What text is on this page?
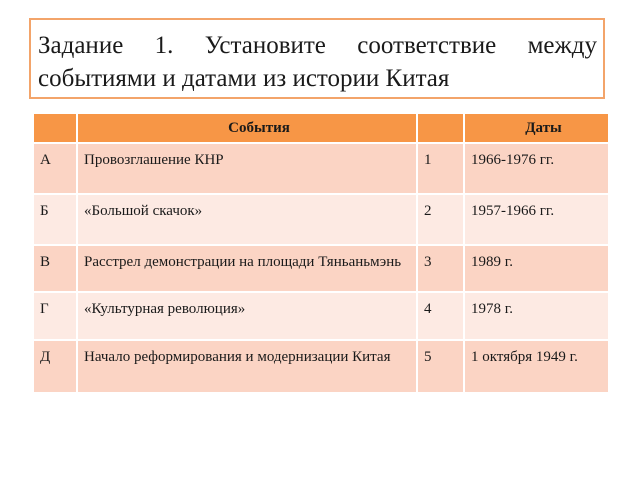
Задание 1. Установите соответствие между
событиями и датами из истории Китая
	События		Даты
А	Провозглашение КНР	1	1966-1976 гг.
Б	«Большой скачок»	2	1957-1966 гг.
В	Расстрел демонстрации на площади Тяньаньмэнь	3	1989 г.
Г	«Культурная революция»	4	1978 г.
Д	Начало реформирования и модернизации Китая	5	1 октября 1949 г.
